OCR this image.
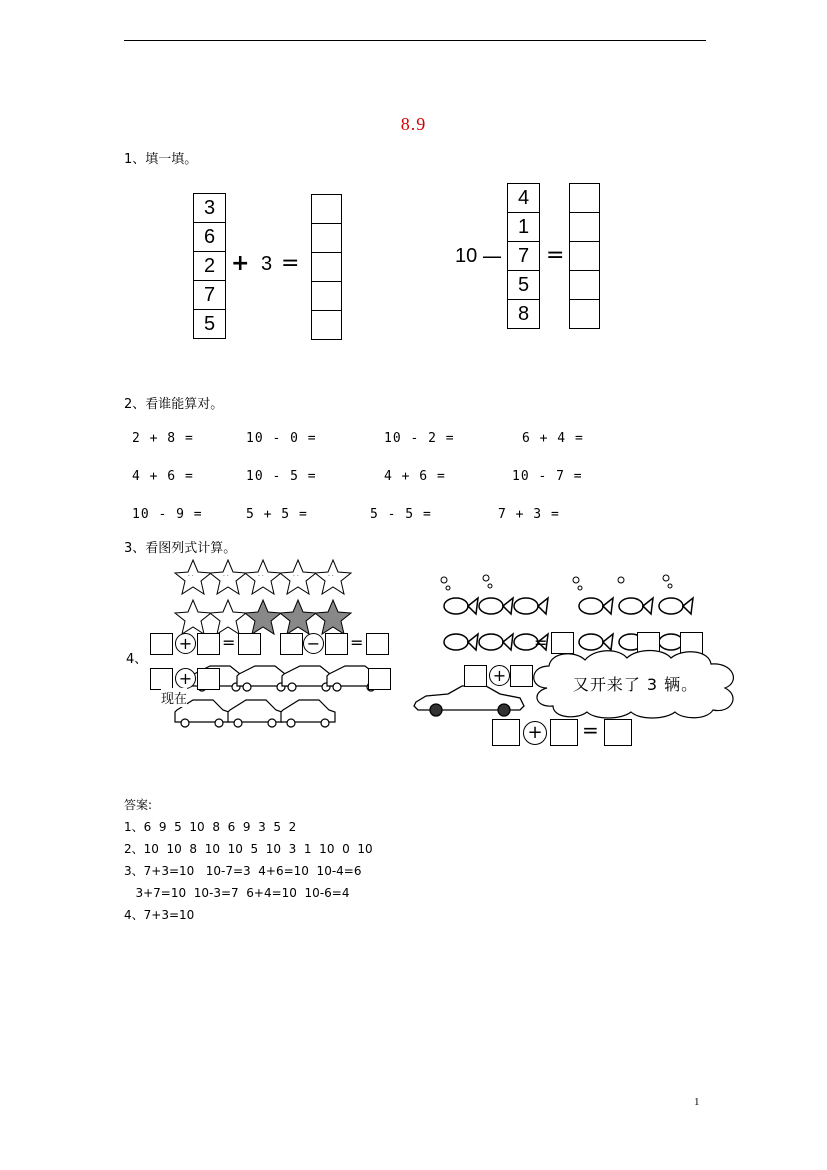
8.9
1、填一填。
3
6
2
7
5
+ 3 =	10 —
4
1
7
5
8
=
2、看谁能算对。
2 + 8 =	10 - 0 =	10 - 2 =	6 + 4 =
4 + 6 =	10 - 5 =	4 + 6 =	10 - 7 =
10 - 9 =	5 + 5 =	5 - 5 =	7 + 3 =
3、看图列式计算。
· ·	· ·	· ·	· ·	· ·
4、
+ =	− =	=
+
现在
+	又开来了 3 辆。
+ =
答案:
1、6  9  5  10  8  6  9  3  5  2
2、10  10  8  10  10  5  10  3  1  10  0  10
3、7+3=10   10-7=3  4+6=10  10-4=6
3+7=10  10-3=7  6+4=10  10-6=4
4、7+3=10
1
